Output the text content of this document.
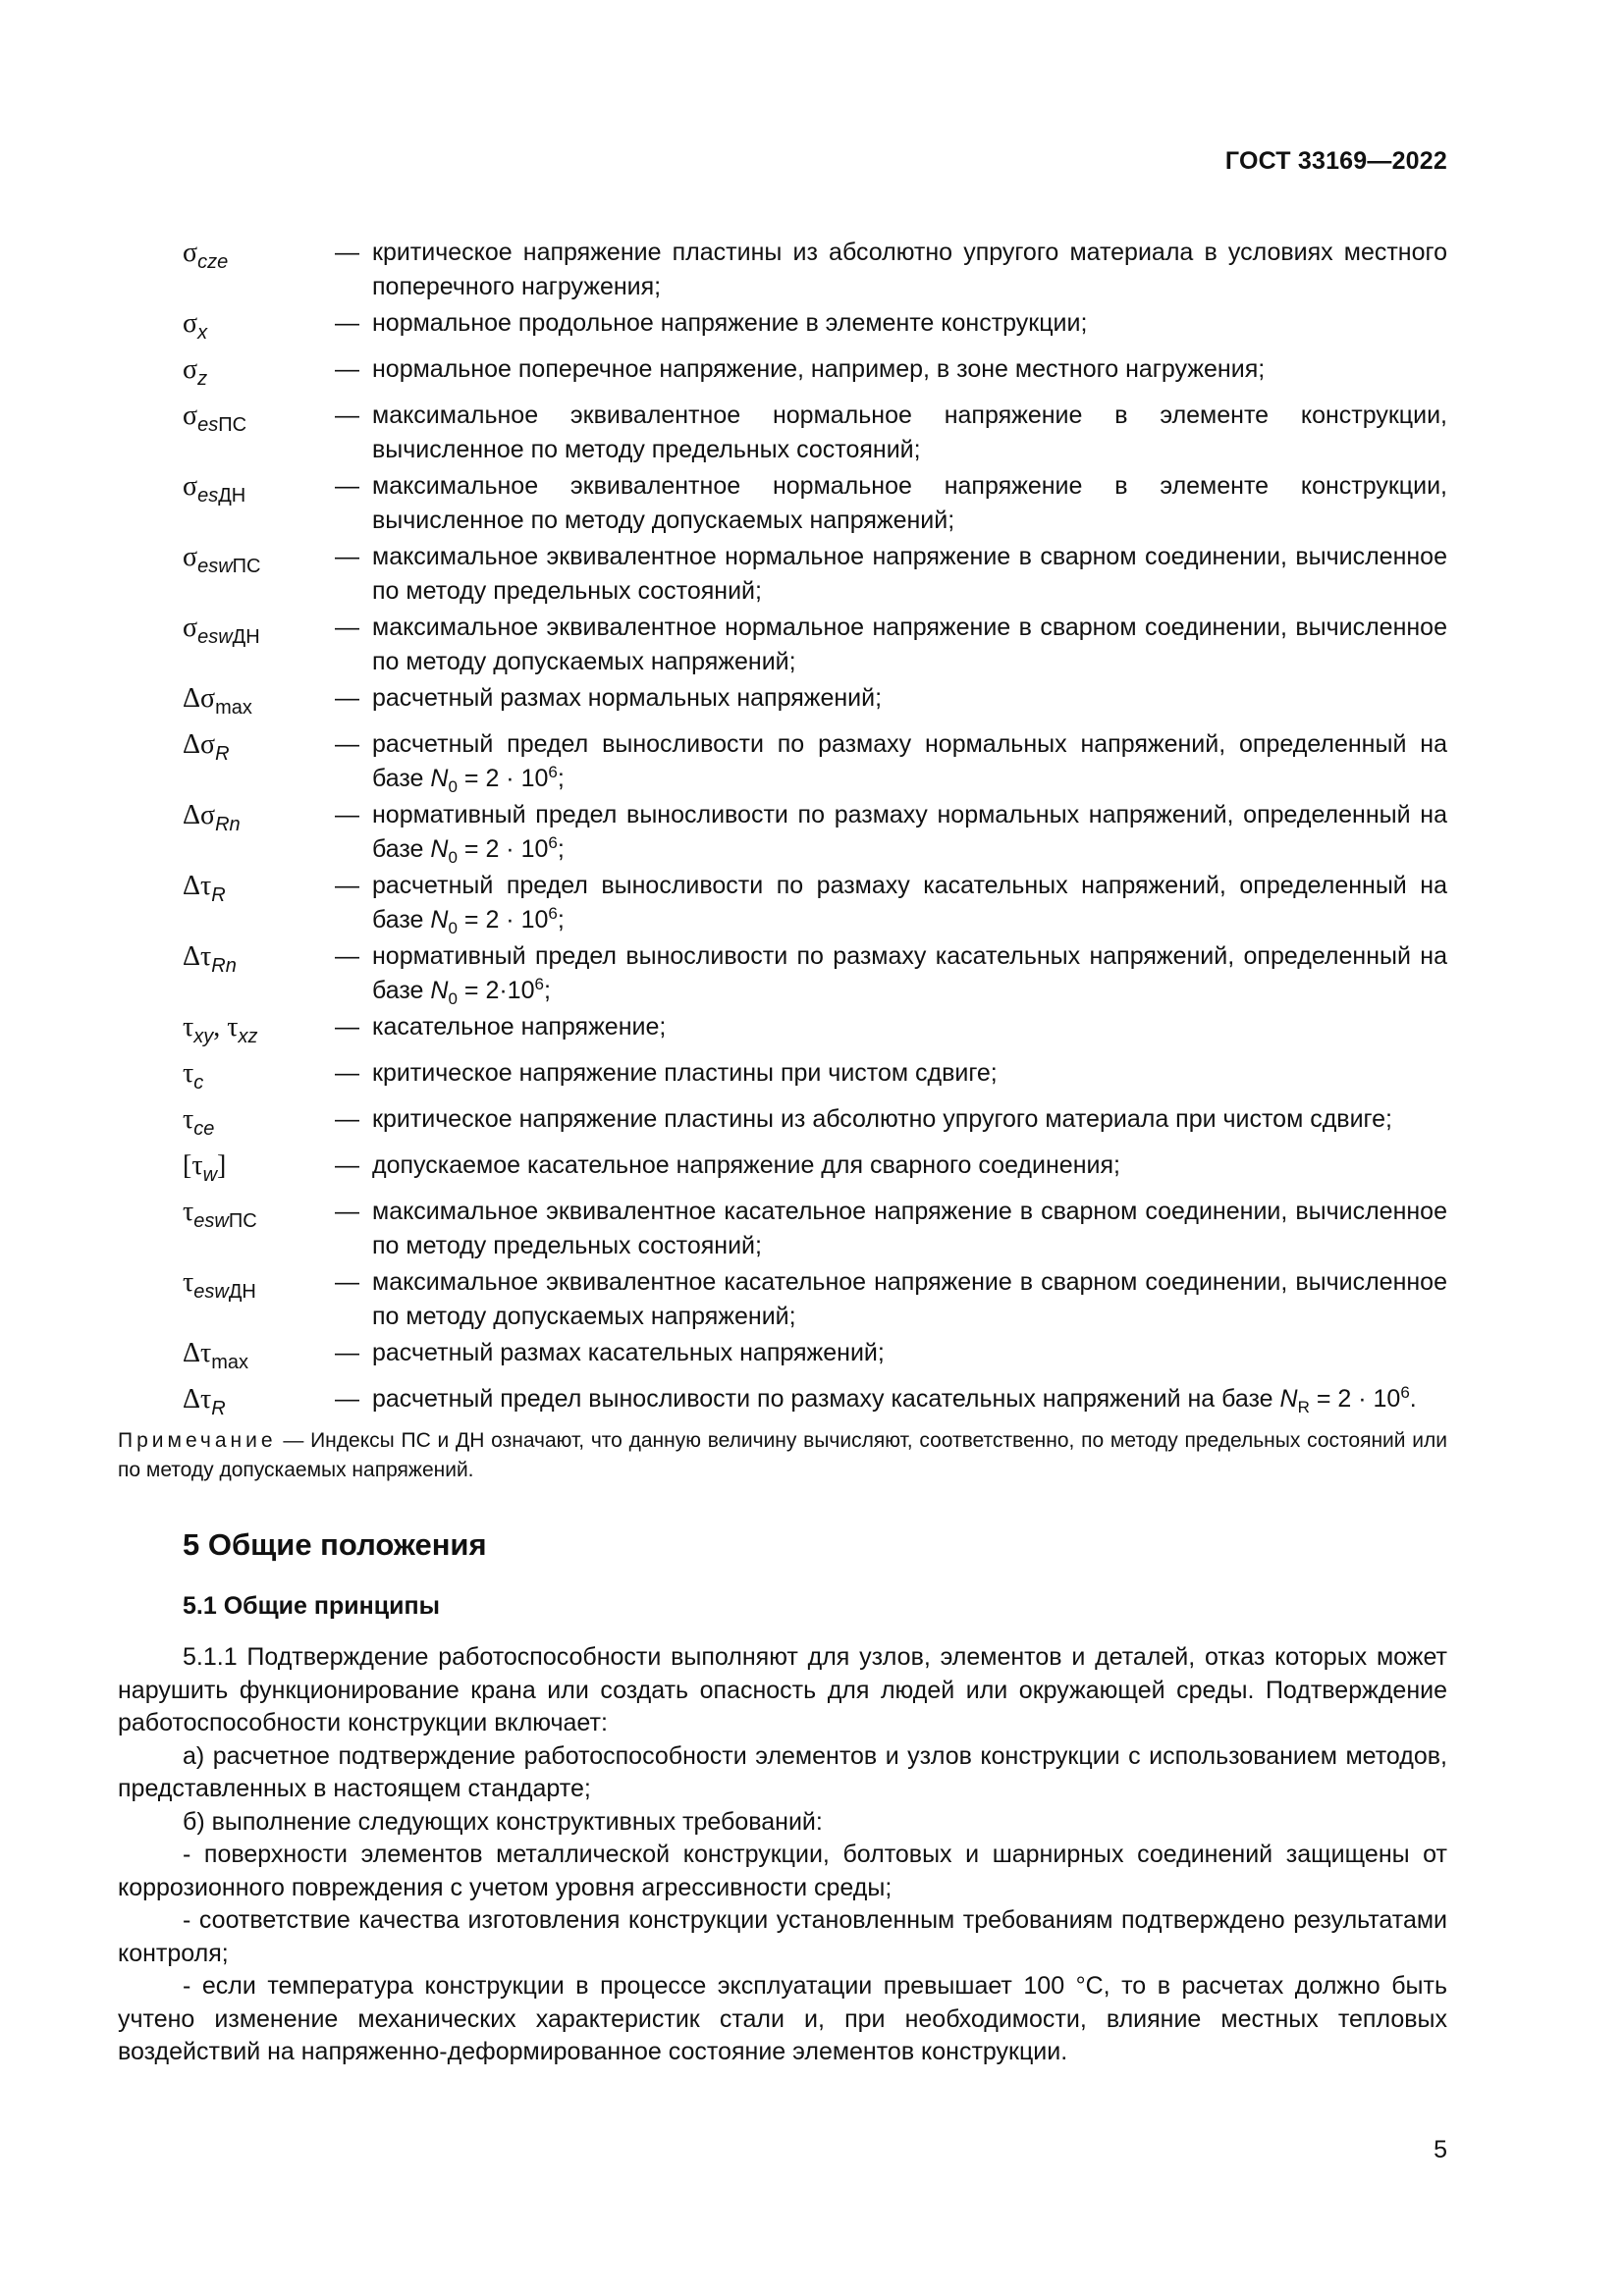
ГОСТ 33169—2022
$\sigma_{cze}$	— критическое напряжение пластины из абсолютно упругого материала в условиях местного поперечного нагружения;
$\sigma_x$	— нормальное продольное напряжение в элементе конструкции;
$\sigma_z$	— нормальное поперечное напряжение, например, в зоне местного нагружения;
$\sigma_{esПС}$	— максимальное эквивалентное нормальное напряжение в элементе конструкции, вычисленное по методу предельных состояний;
$\sigma_{esДН}$	— максимальное эквивалентное нормальное напряжение в элементе конструкции, вычисленное по методу допускаемых напряжений;
$\sigma_{eswПС}$	— максимальное эквивалентное нормальное напряжение в сварном соединении, вычисленное по методу предельных состояний;
$\sigma_{eswДН}$	— максимальное эквивалентное нормальное напряжение в сварном соединении, вычисленное по методу допускаемых напряжений;
$\Delta\sigma_{max}$	— расчетный размах нормальных напряжений;
$\Delta\sigma_R$	— расчетный предел выносливости по размаху нормальных напряжений, определенный на базе $N_0 = 2 \cdot 10^6$;
$\Delta\sigma_{Rn}$	— нормативный предел выносливости по размаху нормальных напряжений, определенный на базе $N_0 = 2 \cdot 10^6$;
$\Delta\tau_R$	— расчетный предел выносливости по размаху касательных напряжений, определенный на базе $N_0 = 2 \cdot 10^6$;
$\Delta\tau_{Rn}$	— нормативный предел выносливости по размаху касательных напряжений, определенный на базе $N_0 = 2\cdot 10^6$;
$\tau_{xy}$, $\tau_{xz}$	— касательное напряжение;
$\tau_c$	— критическое напряжение пластины при чистом сдвиге;
$\tau_{ce}$	— критическое напряжение пластины из абсолютно упругого материала при чистом сдвиге;
$[\tau_w]$	— допускаемое касательное напряжение для сварного соединения;
$\tau_{eswПС}$	— максимальное эквивалентное касательное напряжение в сварном соединении, вычисленное по методу предельных состояний;
$\tau_{eswДН}$	— максимальное эквивалентное касательное напряжение в сварном соединении, вычисленное по методу допускаемых напряжений;
$\Delta\tau_{max}$	— расчетный размах касательных напряжений;
$\Delta\tau_R$	— расчетный предел выносливости по размаху касательных напряжений на базе $N_R = 2 \cdot 10^6$.
Примечание — Индексы ПС и ДН означают, что данную величину вычисляют, соответственно, по методу предельных состояний или по методу допускаемых напряжений.
5 Общие положения
5.1 Общие принципы

5.1.1 Подтверждение работоспособности выполняют для узлов, элементов и деталей, отказ которых может нарушить функционирование крана или создать опасность для людей или окружающей среды. Подтверждение работоспособности конструкции включает:

а) расчетное подтверждение работоспособности элементов и узлов конструкции с использованием методов, представленных в настоящем стандарте;

б) выполнение следующих конструктивных требований:

- поверхности элементов металлической конструкции, болтовых и шарнирных соединений защищены от коррозионного повреждения с учетом уровня агрессивности среды;

- соответствие качества изготовления конструкции установленным требованиям подтверждено результатами контроля;

- если температура конструкции в процессе эксплуатации превышает 100 °С, то в расчетах должно быть учтено изменение механических характеристик стали и, при необходимости, влияние местных тепловых воздействий на напряженно-деформированное состояние элементов конструкции.

5
